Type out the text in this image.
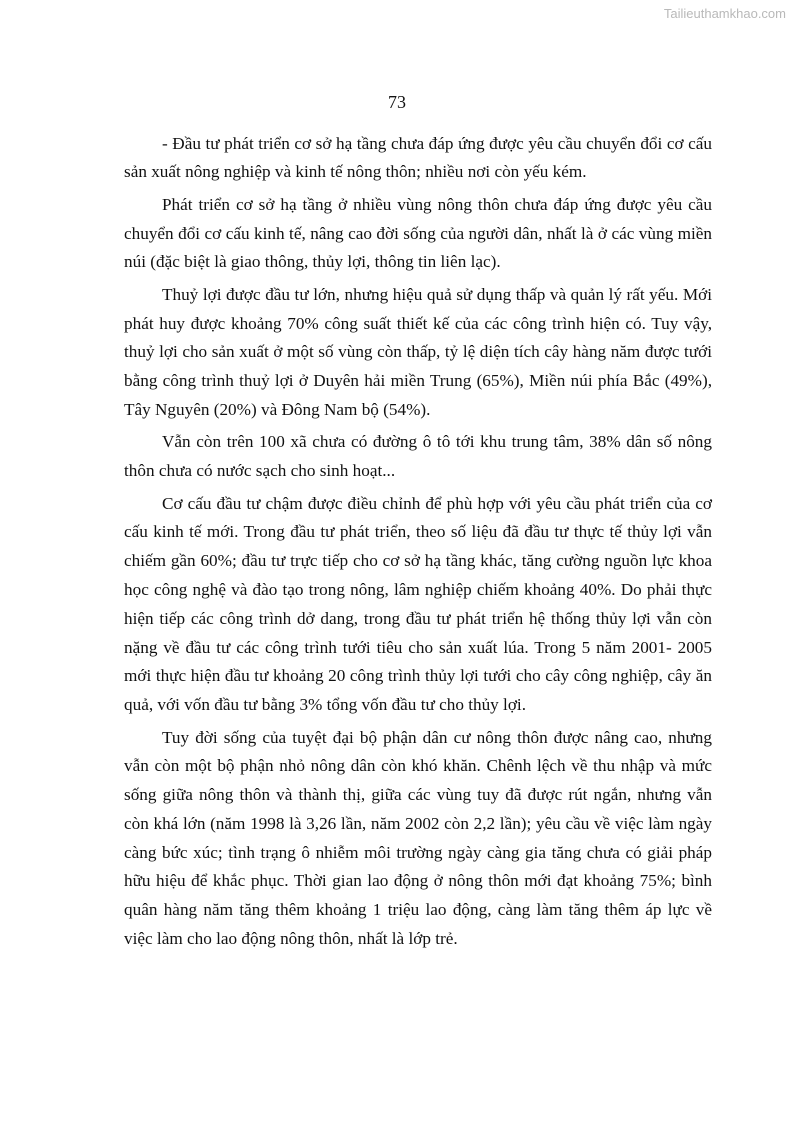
Tailieuthamkhao.com
73

- Đầu tư phát triển cơ sở hạ tầng chưa đáp ứng được yêu cầu chuyển đổi cơ cấu sản xuất nông nghiệp và kinh tế nông thôn; nhiều nơi còn yếu kém.

Phát triển cơ sở hạ tầng ở nhiều vùng nông thôn chưa đáp ứng được yêu cầu chuyển đổi cơ cấu kinh tế, nâng cao đời sống của người dân, nhất là ở các vùng miền núi (đặc biệt là giao thông, thủy lợi, thông tin liên lạc).

Thuỷ lợi được đầu tư lớn, nhưng hiệu quả sử dụng thấp và quản lý rất yếu. Mới phát huy được khoảng 70% công suất thiết kế của các công trình hiện có. Tuy vậy, thuỷ lợi cho sản xuất ở một số vùng còn thấp, tỷ lệ diện tích cây hàng năm được tưới bằng công trình thuỷ lợi ở Duyên hải miền Trung (65%), Miền núi phía Bắc (49%), Tây Nguyên (20%) và Đông Nam bộ (54%).

Vẫn còn trên 100 xã chưa có đường ô tô tới khu trung tâm, 38% dân số nông thôn chưa có nước sạch cho sinh hoạt...

Cơ cấu đầu tư chậm được điều chỉnh để phù hợp với yêu cầu phát triển của cơ cấu kinh tế mới. Trong đầu tư phát triển, theo số liệu đã đầu tư thực tế thủy lợi vẫn chiếm gần 60%; đầu tư trực tiếp cho cơ sở hạ tầng khác, tăng cường nguồn lực khoa học công nghệ và đào tạo trong nông, lâm nghiệp chiếm khoảng 40%. Do phải thực hiện tiếp các công trình dở dang, trong đầu tư phát triển hệ thống thủy lợi vẫn còn nặng về đầu tư các công trình tưới tiêu cho sản xuất lúa. Trong 5 năm 2001- 2005 mới thực hiện đầu tư khoảng 20 công trình thủy lợi tưới cho cây công nghiệp, cây ăn quả, với vốn đầu tư bằng 3% tổng vốn đầu tư cho thủy lợi.

Tuy đời sống của tuyệt đại bộ phận dân cư nông thôn được nâng cao, nhưng vẫn còn một bộ phận nhỏ nông dân còn khó khăn. Chênh lệch về thu nhập và mức sống giữa nông thôn và thành thị, giữa các vùng tuy đã được rút ngắn, nhưng vẫn còn khá lớn (năm 1998 là 3,26 lần, năm 2002 còn 2,2 lần); yêu cầu về việc làm ngày càng bức xúc; tình trạng ô nhiễm môi trường ngày càng gia tăng chưa có giải pháp hữu hiệu để khắc phục. Thời gian lao động ở nông thôn mới đạt khoảng 75%; bình quân hàng năm tăng thêm khoảng 1 triệu lao động, càng làm tăng thêm áp lực về việc làm cho lao động nông thôn, nhất là lớp trẻ.
